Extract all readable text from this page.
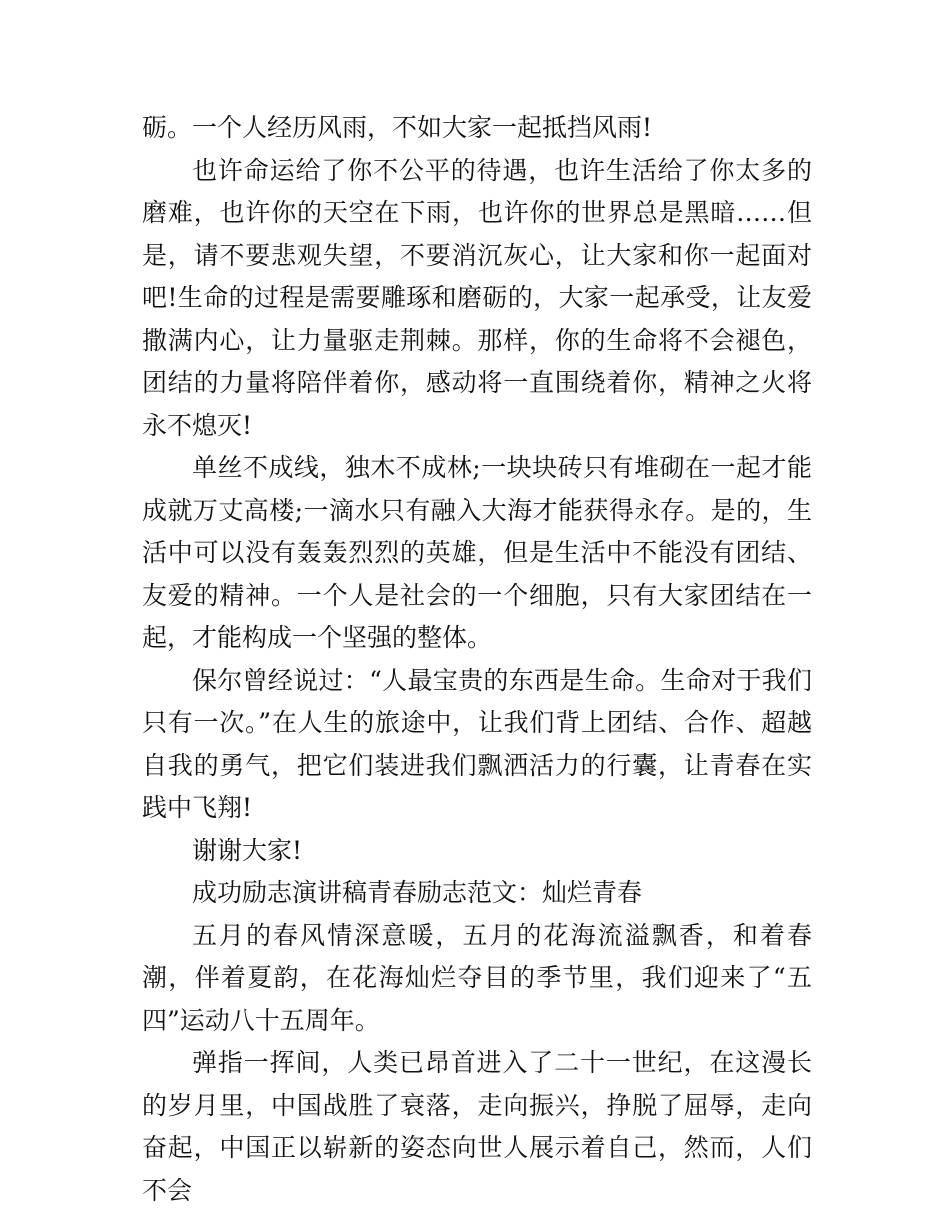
砺。一个人经历风雨，不如大家一起抵挡风雨!

也许命运给了你不公平的待遇，也许生活给了你太多的磨难，也许你的天空在下雨，也许你的世界总是黑暗……但是，请不要悲观失望，不要消沉灰心，让大家和你一起面对吧!生命的过程是需要雕琢和磨砺的，大家一起承受，让友爱撒满内心，让力量驱走荆棘。那样，你的生命将不会褪色，团结的力量将陪伴着你，感动将一直围绕着你，精神之火将永不熄灭!

单丝不成线，独木不成林;一块块砖只有堆砌在一起才能成就万丈高楼;一滴水只有融入大海才能获得永存。是的，生活中可以没有轰轰烈烈的英雄，但是生活中不能没有团结、友爱的精神。一个人是社会的一个细胞，只有大家团结在一起，才能构成一个坚强的整体。

保尔曾经说过：“人最宝贵的东西是生命。生命对于我们只有一次。”在人生的旅途中，让我们背上团结、合作、超越自我的勇气，把它们装进我们飘洒活力的行囊，让青春在实践中飞翔!

谢谢大家!

成功励志演讲稿青春励志范文：灿烂青春

五月的春风情深意暖，五月的花海流溢飘香，和着春潮，伴着夏韵，在花海灿烂夺目的季节里，我们迎来了“五四”运动八十五周年。

弹指一挥间，人类已昂首进入了二十一世纪，在这漫长的岁月里，中国战胜了衰落，走向振兴，挣脱了屈辱，走向奋起，中国正以崭新的姿态向世人展示着自己，然而，人们不会
